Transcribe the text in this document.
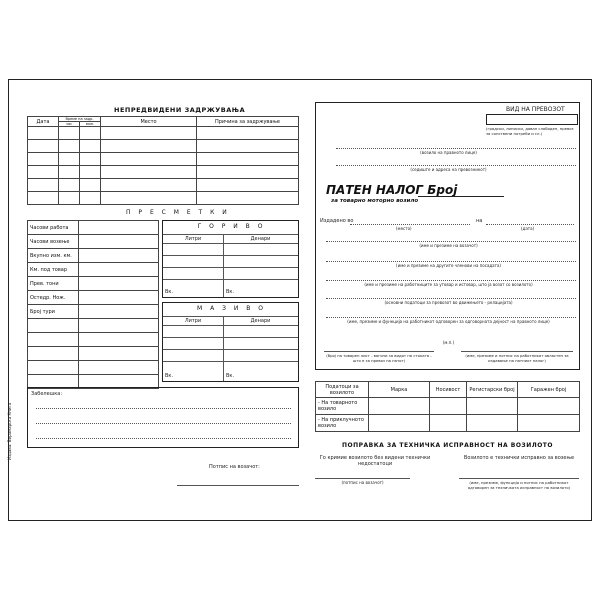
НЕПРЕДВИДЕНИ ЗАДРЖУВАЊА
Дата	Време на задр.		Место	Причина за задржување
	час	мин.		

П Р Е С М Е Т К И
Часови работа	
Часови возење	
Вкупно изм. км.	
Км. под товар	
Прев. тони	
Остедр. Нож.	
Број тури	

Г О Р И В О
Литри	Денари
Вк.	Вк.
М А З И В О
Литри	Денари
Вк.	Вк.
Забелешка:
Потпис на возачот:
Издава: Бирамарска Книга
ВИД НА ПРЕВОЗОТ
(градски, линиски, даван слободен, превоз за сопствени потреби и сл.)
(возило на правното лице)
(седиште и адреса на превозникот)
ПАТЕН НАЛОГ Број
за товарно моторно возило
Издадено во	на
(место)	(дата)
(име и презиме на возачот)
(име и презиме на другите членови на посадата)
(име и презиме на работниците за утовар и истовар, што ја возат со возилото)
(основни податоци за превозот во движењето - релацијата)
(име, презиме и функција на работникот одговорен за одговорната дејност на правното лице)
(м.п.)
(број на товарен лист - вагони за видот на стоката - што е за превоз на патот)
(име, презиме и потпис на работникот овластен за издавање на патниот налог)
Податоци за возилото	Марка	Носивост	Регистарски број	Гаражен број
- На товарното возило				
- На приклучното возило				
ПОПРАВКА ЗА ТЕХНИЧКА ИСПРАВНОСТ НА ВОЗИЛОТО
Го кримие возилото без видени технички недостатоци
Возилото е технички исправно за возење
(потпис на возачот)	(име, презиме, функција и потпис на работникот одговорен за техничката исправност на возилото)
